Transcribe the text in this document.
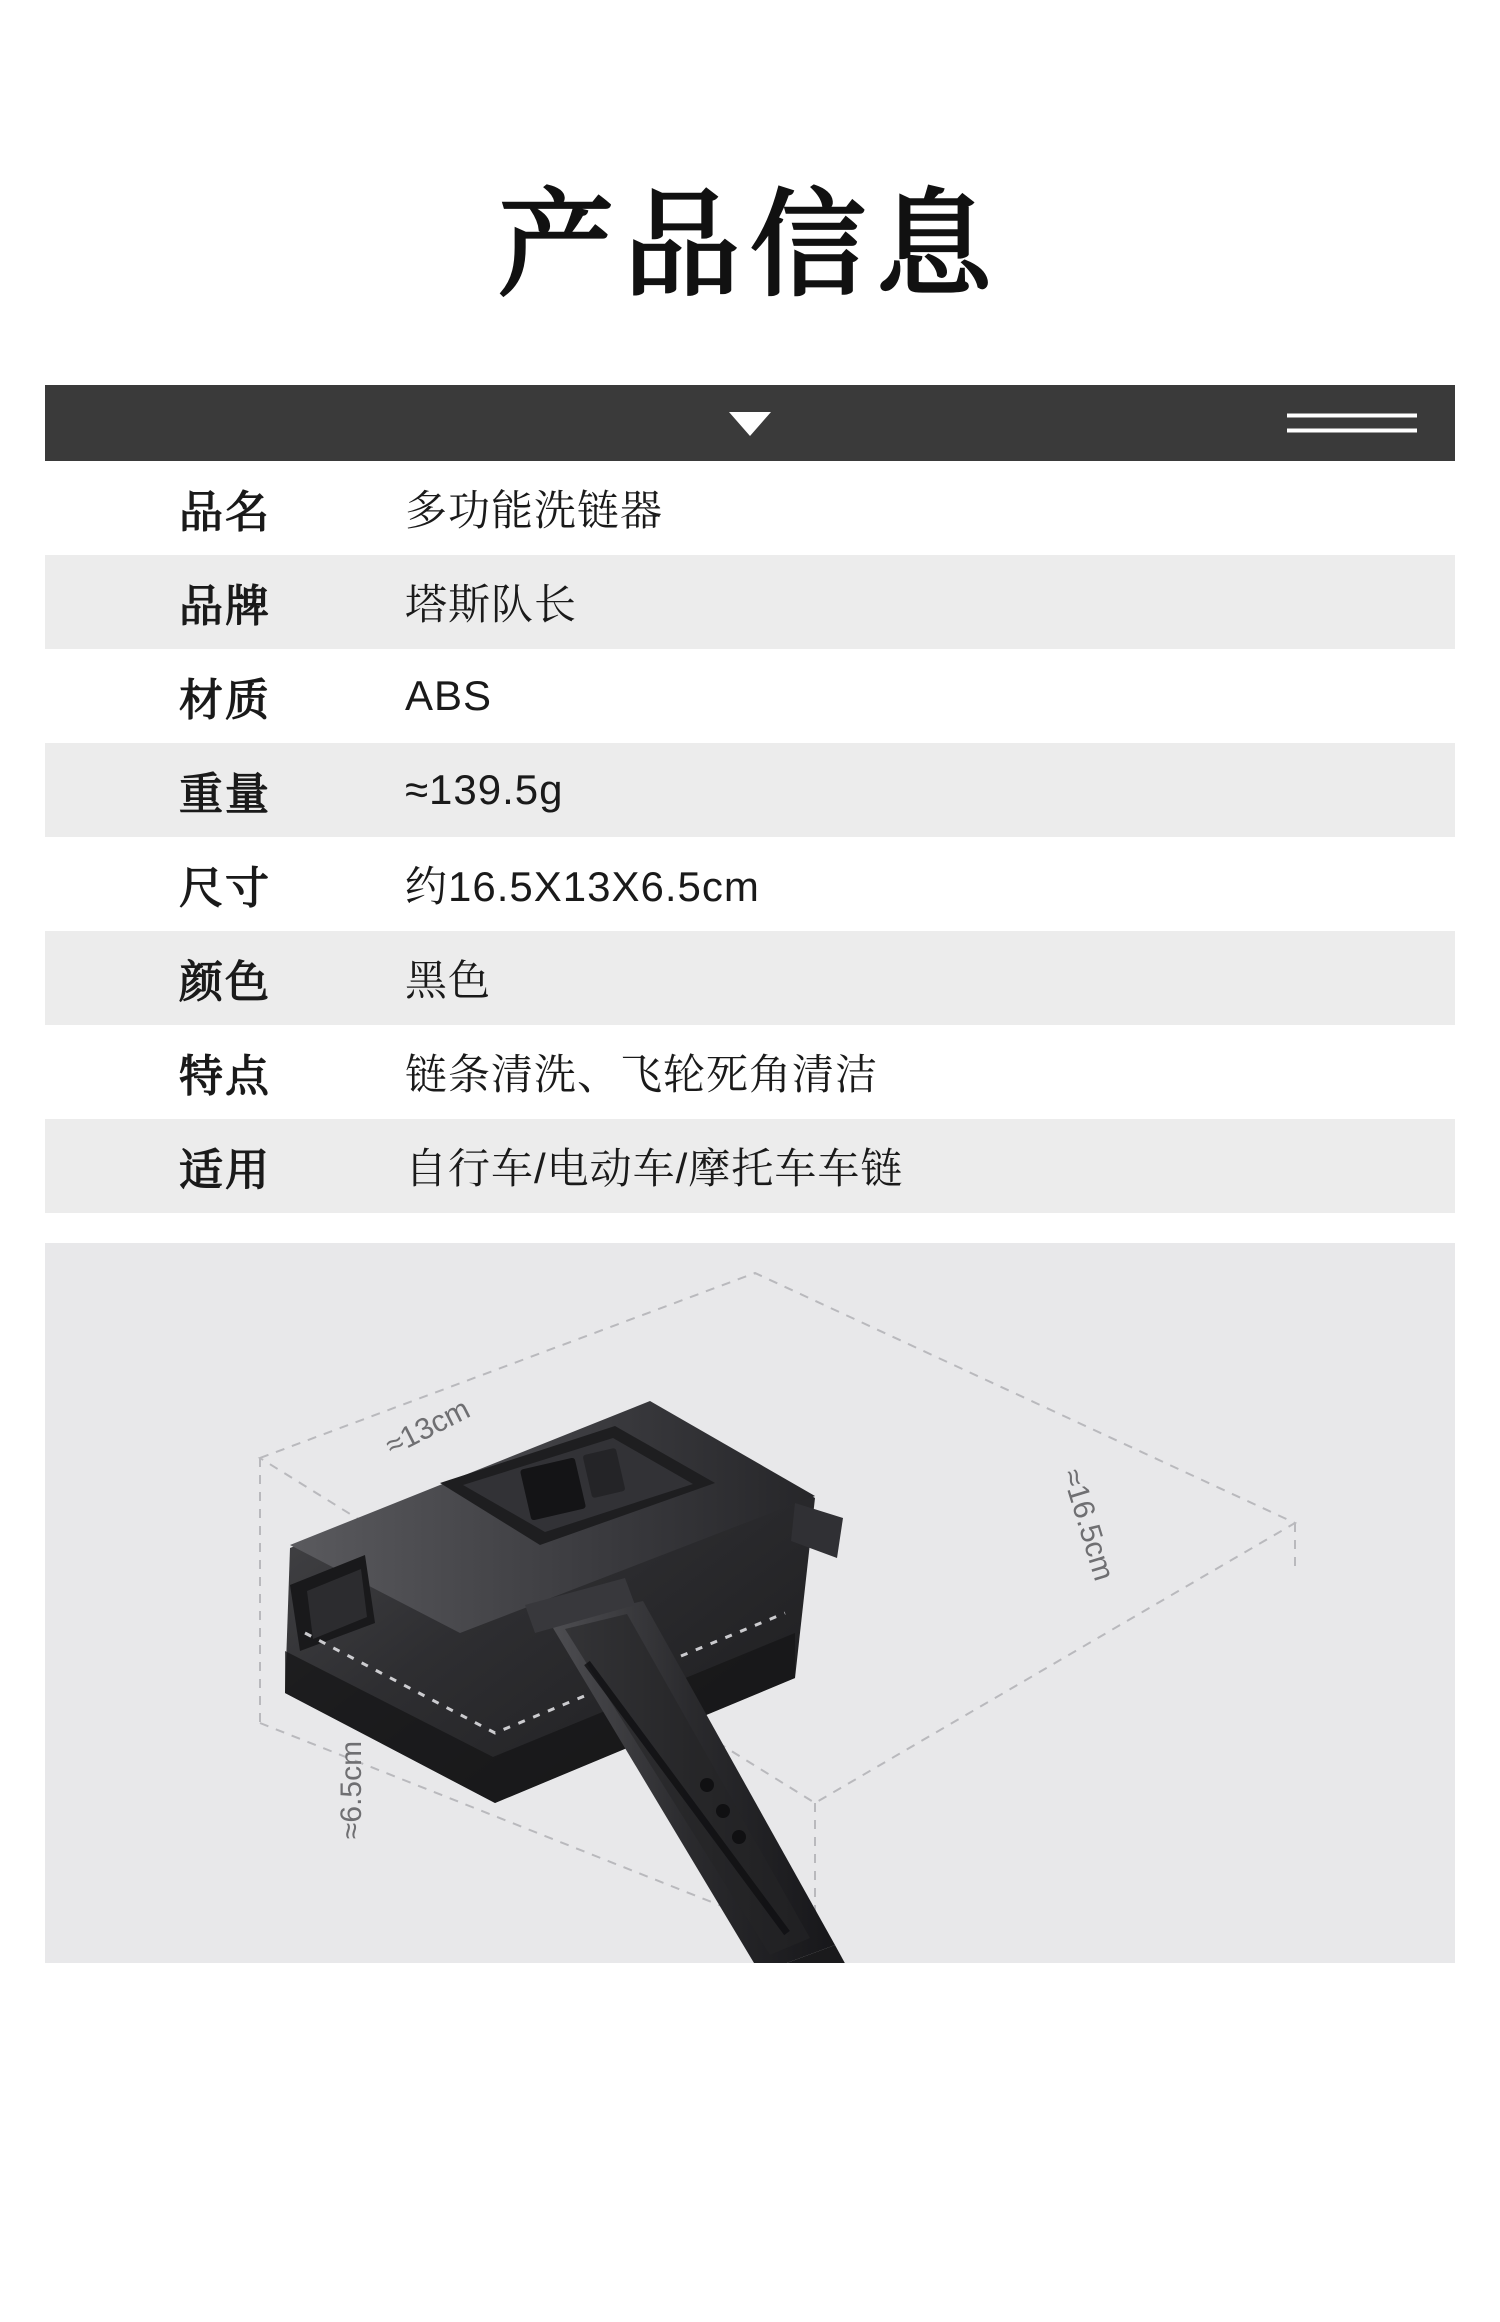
产品信息
品名	多功能洗链器
品牌	塔斯队长
材质	ABS
重量	≈139.5g
尺寸	约16.5X13X6.5cm
颜色	黑色
特点	链条清洗、飞轮死角清洁
适用	自行车/电动车/摩托车车链
≈13cm
≈16.5cm
≈6.5cm
